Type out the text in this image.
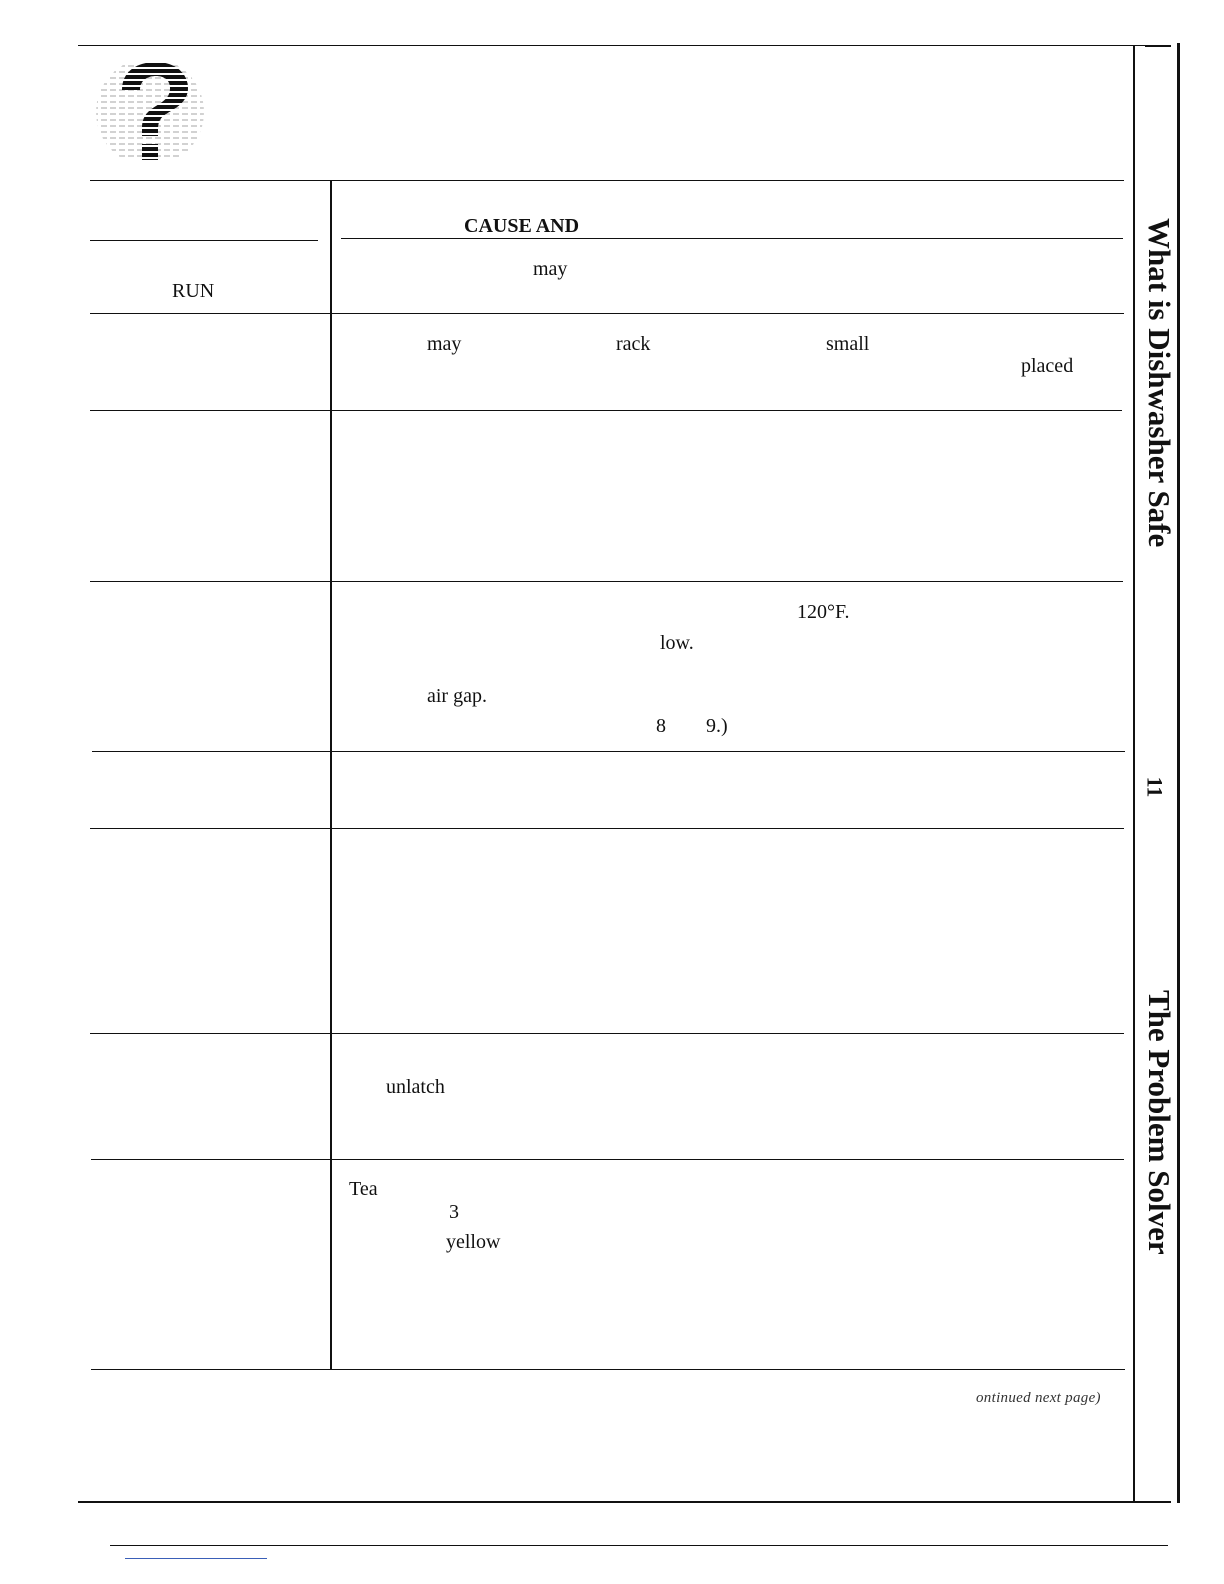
CAUSE AND
RUN
may
may	rack	small
placed
120°F.
low.
air gap.
8 9.)
unlatch
Tea
3
yellow
ontinued next page)
What is Dishwasher Safe
11
The Problem Solver
